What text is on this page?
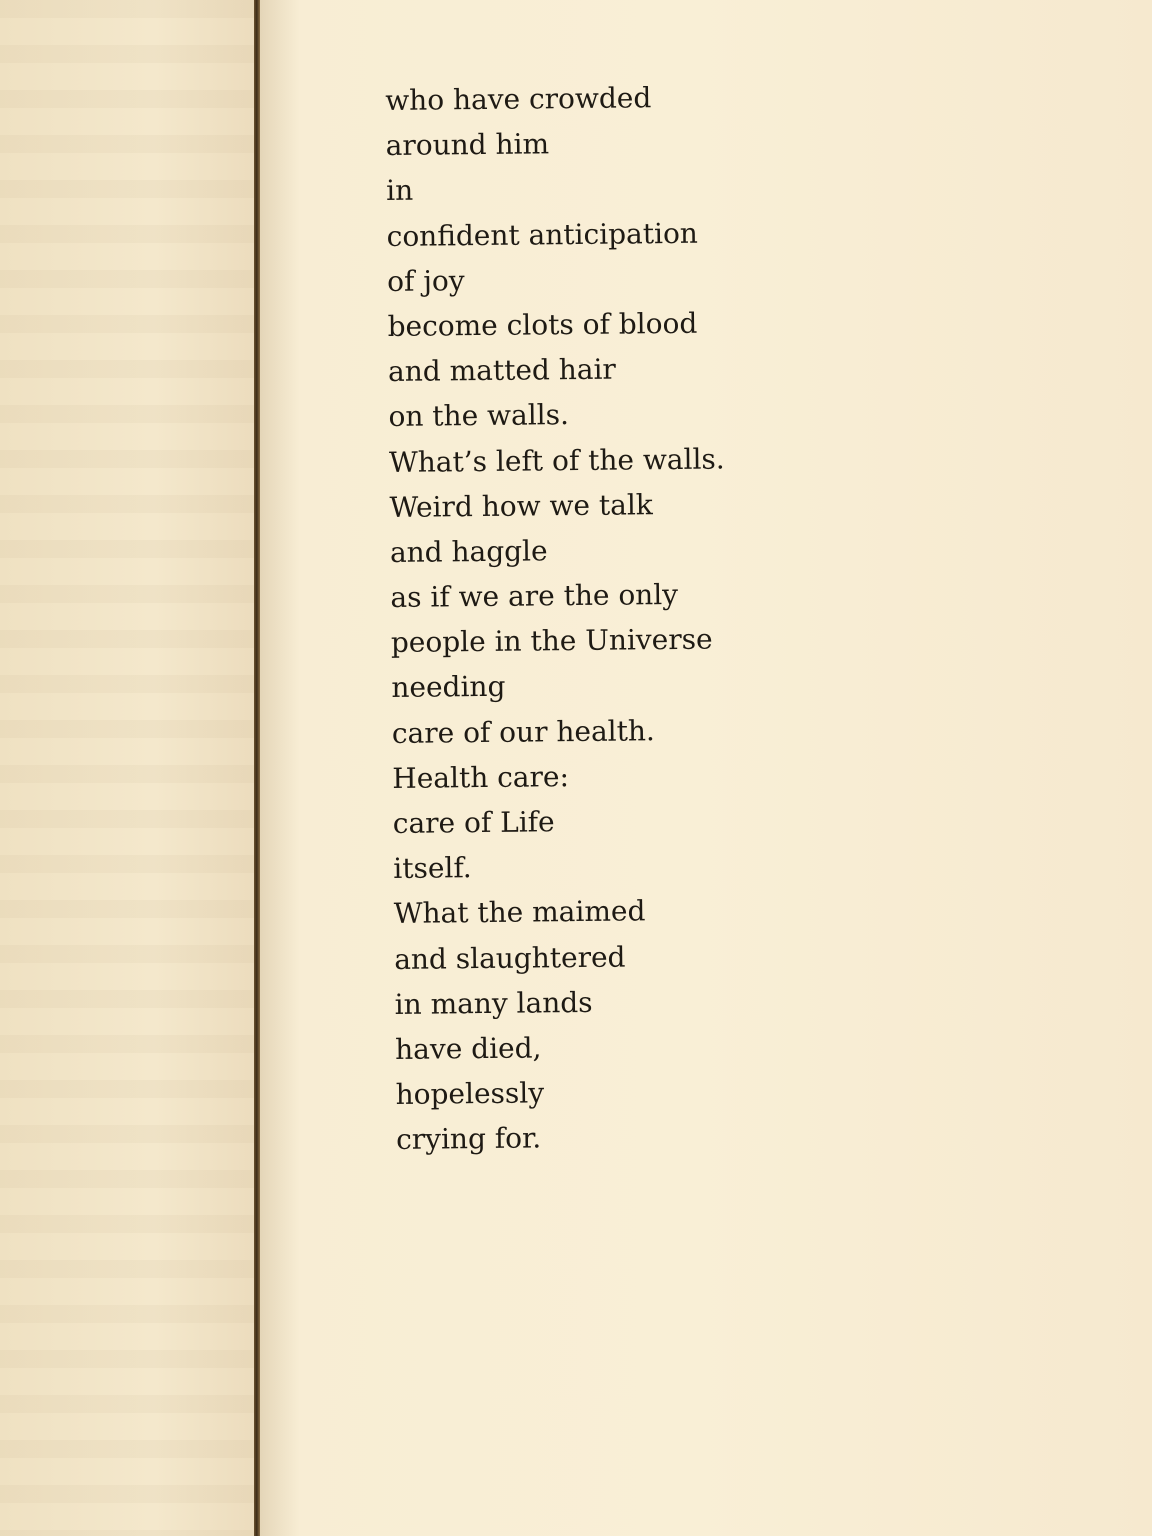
who have crowded
around him
in
confident anticipation
of joy
become clots of blood
and matted hair
on the walls.
What’s left of the walls.
Weird how we talk
and haggle
as if we are the only
people in the Universe
needing
care of our health.
Health care:
care of Life
itself.
What the maimed
and slaughtered
in many lands
have died,
hopelessly
crying for.
